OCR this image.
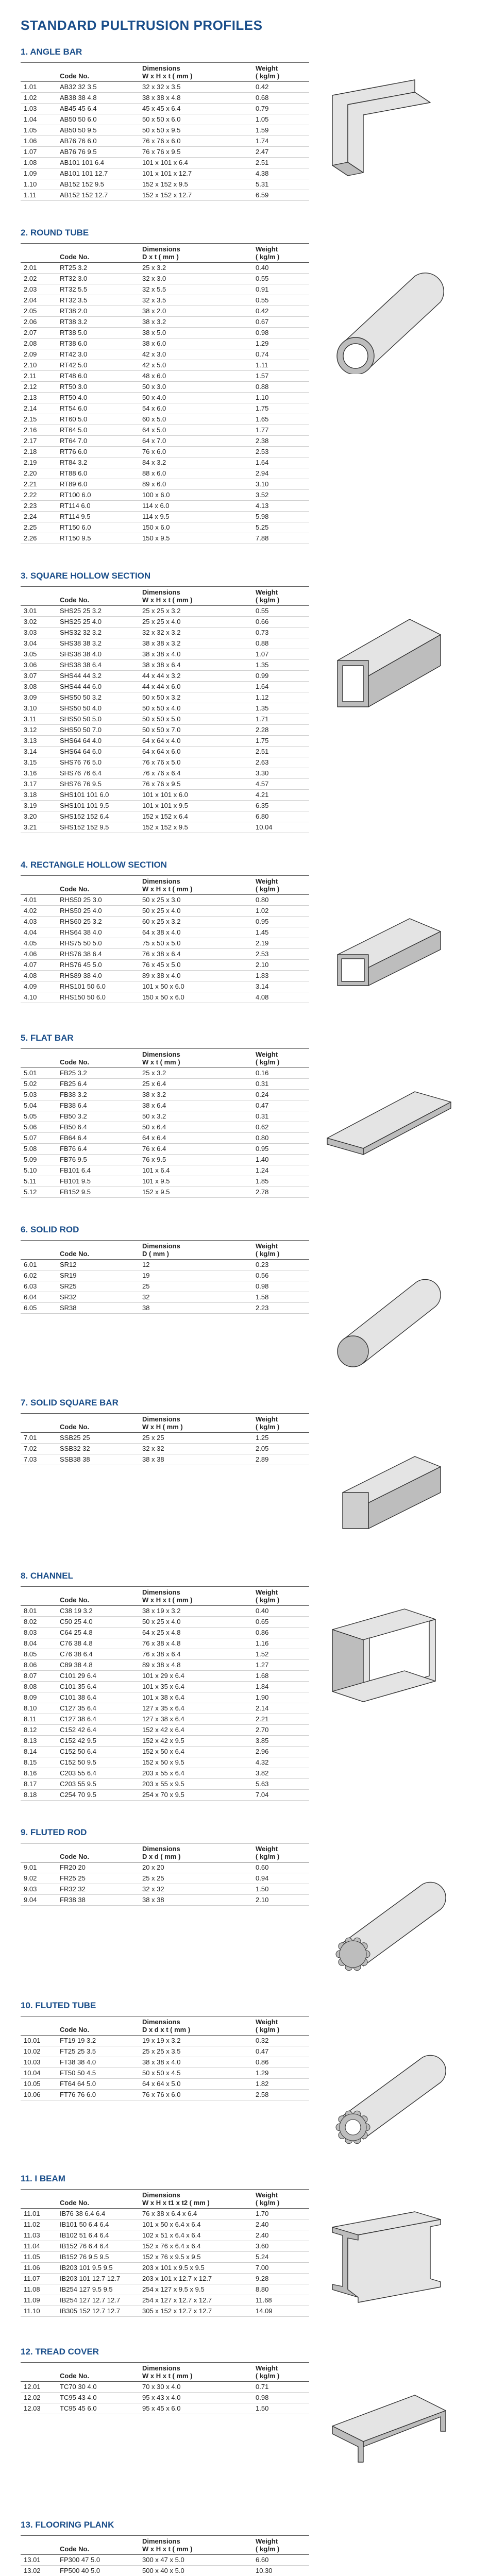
STANDARD PULTRUSION PROFILES
1. ANGLE BAR
	Code No.	Dimensions
W x H x t ( mm )	Weight
( kg/m )
1.01	AB32 32 3.5	32 x 32 x 3.5	0.42
1.02	AB38 38 4.8	38 x 38 x 4.8	0.68
1.03	AB45 45 6.4	45 x 45 x 6.4	0.79
1.04	AB50 50 6.0	50 x 50 x 6.0	1.05
1.05	AB50 50 9.5	50 x 50 x 9.5	1.59
1.06	AB76 76 6.0	76 x 76 x 6.0	1.74
1.07	AB76 76 9.5	76 x 76 x 9.5	2.47
1.08	AB101 101 6.4	101 x 101 x 6.4	2.51
1.09	AB101 101 12.7	101 x 101 x 12.7	4.38
1.10	AB152 152 9.5	152 x 152 x 9.5	5.31
1.11	AB152 152 12.7	152 x 152 x 12.7	6.59
2. ROUND TUBE
	Code No.	Dimensions
D x t ( mm )	Weight
( kg/m )
2.01	RT25 3.2	25 x 3.2	0.40
2.02	RT32 3.0	32 x 3.0	0.55
2.03	RT32 5.5	32 x 5.5	0.91
2.04	RT32 3.5	32 x 3.5	0.55
2.05	RT38 2.0	38 x 2.0	0.42
2.06	RT38 3.2	38 x 3.2	0.67
2.07	RT38 5.0	38 x 5.0	0.98
2.08	RT38 6.0	38 x 6.0	1.29
2.09	RT42 3.0	42 x 3.0	0.74
2.10	RT42 5.0	42 x 5.0	1.11
2.11	RT48 6.0	48 x 6.0	1.57
2.12	RT50 3.0	50 x 3.0	0.88
2.13	RT50 4.0	50 x 4.0	1.10
2.14	RT54 6.0	54 x 6.0	1.75
2.15	RT60 5.0	60 x 5.0	1.65
2.16	RT64 5.0	64 x 5.0	1.77
2.17	RT64 7.0	64 x 7.0	2.38
2.18	RT76 6.0	76 x 6.0	2.53
2.19	RT84 3.2	84 x 3.2	1.64
2.20	RT88 6.0	88 x 6.0	2.94
2.21	RT89 6.0	89 x 6.0	3.10
2.22	RT100 6.0	100 x 6.0	3.52
2.23	RT114 6.0	114 x 6.0	4.13
2.24	RT114 9.5	114 x 9.5	5.98
2.25	RT150 6.0	150 x 6.0	5.25
2.26	RT150 9.5	150 x 9.5	7.88
3. SQUARE HOLLOW SECTION
	Code No.	Dimensions
W x H x t ( mm )	Weight
( kg/m )
3.01	SHS25 25 3.2	25 x 25 x 3.2	0.55
3.02	SHS25 25 4.0	25 x 25 x 4.0	0.66
3.03	SHS32 32 3.2	32 x 32 x 3.2	0.73
3.04	SHS38 38 3.2	38 x 38 x 3.2	0.88
3.05	SHS38 38 4.0	38 x 38 x 4.0	1.07
3.06	SHS38 38 6.4	38 x 38 x 6.4	1.35
3.07	SHS44 44 3.2	44 x 44 x 3.2	0.99
3.08	SHS44 44 6.0	44 x 44 x 6.0	1.64
3.09	SHS50 50 3.2	50 x 50 x 3.2	1.12
3.10	SHS50 50 4.0	50 x 50 x 4.0	1.35
3.11	SHS50 50 5.0	50 x 50 x 5.0	1.71
3.12	SHS50 50 7.0	50 x 50 x 7.0	2.28
3.13	SHS64 64 4.0	64 x 64 x 4.0	1.75
3.14	SHS64 64 6.0	64 x 64 x 6.0	2.51
3.15	SHS76 76 5.0	76 x 76 x 5.0	2.63
3.16	SHS76 76 6.4	76 x 76 x 6.4	3.30
3.17	SHS76 76 9.5	76 x 76 x 9.5	4.57
3.18	SHS101 101 6.0	101 x 101 x 6.0	4.21
3.19	SHS101 101 9.5	101 x 101 x 9.5	6.35
3.20	SHS152 152 6.4	152 x 152 x 6.4	6.80
3.21	SHS152 152 9.5	152 x 152 x 9.5	10.04
4. RECTANGLE HOLLOW SECTION
	Code No.	Dimensions
W x H x t ( mm )	Weight
( kg/m )
4.01	RHS50 25 3.0	50 x 25 x 3.0	0.80
4.02	RHS50 25 4.0	50 x 25 x 4.0	1.02
4.03	RHS60 25 3.2	60 x 25 x 3.2	0.95
4.04	RHS64 38 4.0	64 x 38 x 4.0	1.45
4.05	RHS75 50 5.0	75 x 50 x 5.0	2.19
4.06	RHS76 38 6.4	76 x 38 x 6.4	2.53
4.07	RHS76 45 5.0	76 x 45 x 5.0	2.10
4.08	RHS89 38 4.0	89 x 38 x 4.0	1.83
4.09	RHS101 50 6.0	101 x 50 x 6.0	3.14
4.10	RHS150 50 6.0	150 x 50 x 6.0	4.08
5. FLAT BAR
	Code No.	Dimensions
W x t ( mm )	Weight
( kg/m )
5.01	FB25 3.2	25 x 3.2	0.16
5.02	FB25 6.4	25 x 6.4	0.31
5.03	FB38 3.2	38 x 3.2	0.24
5.04	FB38 6.4	38 x 6.4	0.47
5.05	FB50 3.2	50 x 3.2	0.31
5.06	FB50 6.4	50 x 6.4	0.62
5.07	FB64 6.4	64 x 6.4	0.80
5.08	FB76 6.4	76 x 6.4	0.95
5.09	FB76 9.5	76 x 9.5	1.40
5.10	FB101 6.4	101 x 6.4	1.24
5.11	FB101 9.5	101 x 9.5	1.85
5.12	FB152 9.5	152 x 9.5	2.78
6. SOLID ROD
	Code No.	Dimensions
D ( mm )	Weight
( kg/m )
6.01	SR12	12	0.23
6.02	SR19	19	0.56
6.03	SR25	25	0.98
6.04	SR32	32	1.58
6.05	SR38	38	2.23
7. SOLID SQUARE BAR
	Code No.	Dimensions
W x H ( mm )	Weight
( kg/m )
7.01	SSB25 25	25 x 25	1.25
7.02	SSB32 32	32 x 32	2.05
7.03	SSB38 38	38 x 38	2.89
8. CHANNEL
	Code No.	Dimensions
W x H x t ( mm )	Weight
( kg/m )
8.01	C38 19 3.2	38 x 19 x 3.2	0.40
8.02	C50 25 4.0	50 x 25 x 4.0	0.65
8.03	C64 25 4.8	64 x 25 x 4.8	0.86
8.04	C76 38 4.8	76 x 38 x 4.8	1.16
8.05	C76 38 6.4	76 x 38 x 6.4	1.52
8.06	C89 38 4.8	89 x 38 x 4.8	1.27
8.07	C101 29 6.4	101 x 29 x 6.4	1.68
8.08	C101 35 6.4	101 x 35 x 6.4	1.84
8.09	C101 38 6.4	101 x 38 x 6.4	1.90
8.10	C127 35 6.4	127 x 35 x 6.4	2.14
8.11	C127 38 6.4	127 x 38 x 6.4	2.21
8.12	C152 42 6.4	152 x 42 x 6.4	2.70
8.13	C152 42 9.5	152 x 42 x 9.5	3.85
8.14	C152 50 6.4	152 x 50 x 6.4	2.96
8.15	C152 50 9.5	152 x 50 x 9.5	4.32
8.16	C203 55 6.4	203 x 55 x 6.4	3.82
8.17	C203 55 9.5	203 x 55 x 9.5	5.63
8.18	C254 70 9.5	254 x 70 x 9.5	7.04
9. FLUTED ROD
	Code No.	Dimensions
D x d ( mm )	Weight
( kg/m )
9.01	FR20 20	20 x 20	0.60
9.02	FR25 25	25 x 25	0.94
9.03	FR32 32	32 x 32	1.50
9.04	FR38 38	38 x 38	2.10
10. FLUTED TUBE
	Code No.	Dimensions
D x d x t ( mm )	Weight
( kg/m )
10.01	FT19 19 3.2	19 x 19 x 3.2	0.32
10.02	FT25 25 3.5	25 x 25 x 3.5	0.47
10.03	FT38 38 4.0	38 x 38 x 4.0	0.86
10.04	FT50 50 4.5	50 x 50 x 4.5	1.29
10.05	FT64 64 5.0	64 x 64 x 5.0	1.82
10.06	FT76 76 6.0	76 x 76 x 6.0	2.58
11. I BEAM
	Code No.	Dimensions
W x H x t1 x t2 ( mm )	Weight
( kg/m )
11.01	IB76 38 6.4 6.4	76 x 38 x 6.4 x 6.4	1.70
11.02	IB101 50 6.4 6.4	101 x 50 x 6.4 x 6.4	2.40
11.03	IB102 51 6.4 6.4	102 x 51 x 6.4 x 6.4	2.40
11.04	IB152 76 6.4 6.4	152 x 76 x 6.4 x 6.4	3.60
11.05	IB152 76 9.5 9.5	152 x 76 x 9.5 x 9.5	5.24
11.06	IB203 101 9.5 9.5	203 x 101 x 9.5 x 9.5	7.00
11.07	IB203 101 12.7 12.7	203 x 101 x 12.7 x 12.7	9.28
11.08	IB254 127 9.5 9.5	254 x 127 x 9.5 x 9.5	8.80
11.09	IB254 127 12.7 12.7	254 x 127 x 12.7 x 12.7	11.68
11.10	IB305 152 12.7 12.7	305 x 152 x 12.7 x 12.7	14.09
12. TREAD COVER
	Code No.	Dimensions
W x H x t ( mm )	Weight
( kg/m )
12.01	TC70 30 4.0	70 x 30 x 4.0	0.71
12.02	TC95 43 4.0	95 x 43 x 4.0	0.98
12.03	TC95 45 6.0	95 x 45 x 6.0	1.50
13. FLOORING PLANK
	Code No.	Dimensions
W x H x t ( mm )	Weight
( kg/m )
13.01	FP300 47 5.0	300 x 47 x 5.0	6.60
13.02	FP500 40 5.0	500 x 40 x 5.0	10.30
